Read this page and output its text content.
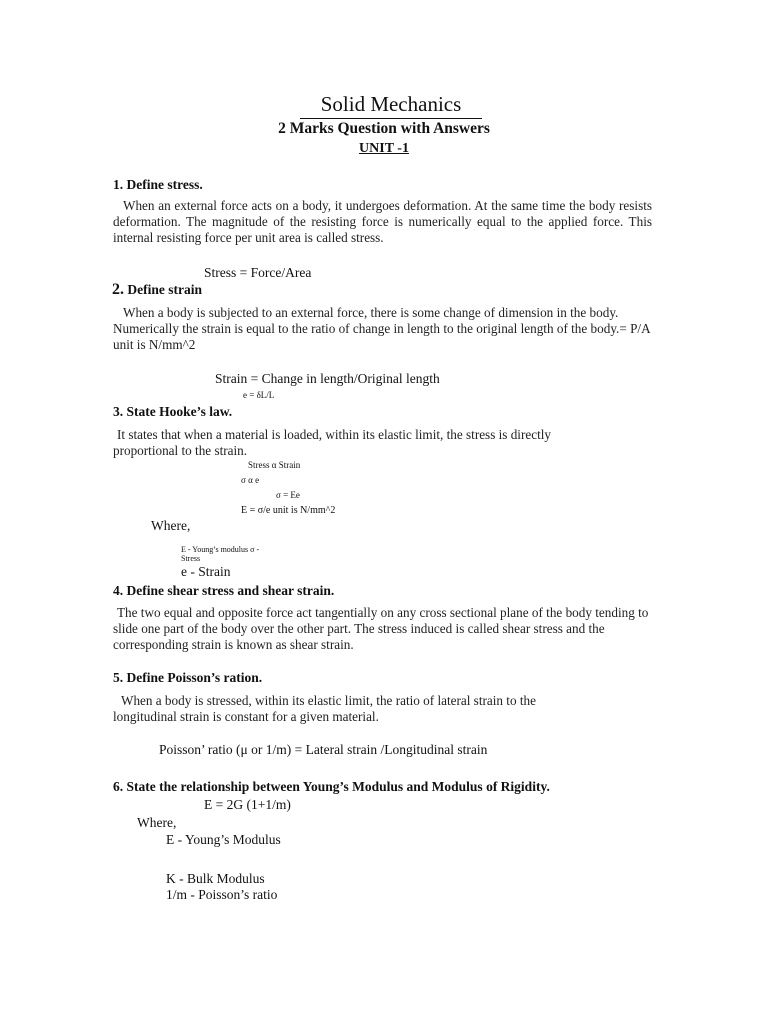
Solid Mechanics
2 Marks Question with Answers
UNIT -1
1. Define stress.
When an external force acts on a body, it undergoes deformation. At the same time the body resists deformation. The magnitude of the resisting force is numerically equal to the applied force. This internal resisting force per unit area is called stress.
Stress = Force/Area
2. Define strain
When a body is subjected to an external force, there is some change of dimension in the body. Numerically the strain is equal to the ratio of change in length to the original length of the body.= P/A unit is N/mm^2
Strain = Change in length/Original length
e = δL/L
3. State Hooke’s law.
It states that when a material is loaded, within its elastic limit, the stress is directly proportional to the strain.
Stress α Strain
σ α e
σ = Ee
E = σ/e unit is N/mm^2
Where,
E - Young’s modulus σ - Stress
e - Strain
4. Define shear stress and shear strain.
The two equal and opposite force act tangentially on any cross sectional plane of the body tending to slide one part of the body over the other part. The stress induced is called shear stress and the corresponding strain is known as shear strain.
5. Define Poisson’s ration.
When a body is stressed, within its elastic limit, the ratio of lateral strain to the longitudinal strain is constant for a given material.
Poisson’ ratio (μ or 1/m) = Lateral strain /Longitudinal strain
6. State the relationship between Young’s Modulus and Modulus of Rigidity.
E = 2G (1+1/m)
Where,
E - Young’s Modulus
K - Bulk Modulus
1/m - Poisson’s ratio
